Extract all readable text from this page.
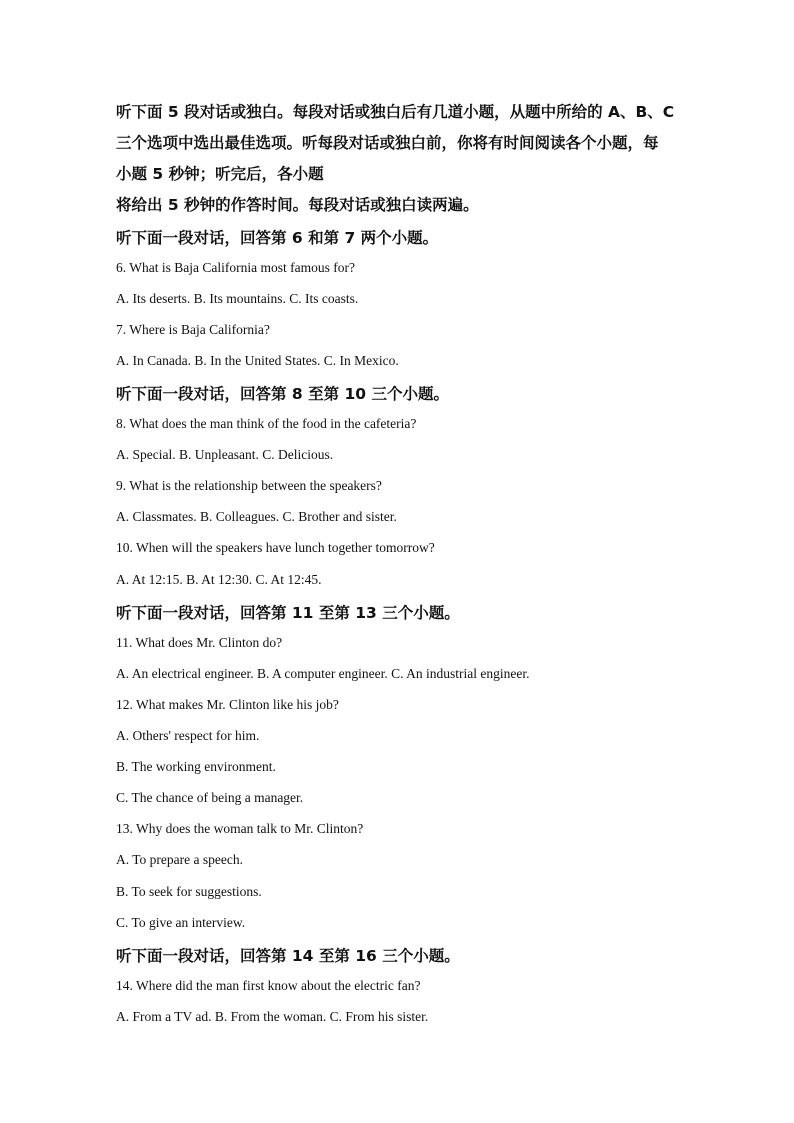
听下面 5 段对话或独白。每段对话或独白后有几道小题，从题中所给的 A、B、C
三个选项中选出最佳选项。听每段对话或独白前，你将有时间阅读各个小题，每
小题 5 秒钟；听完后，各小题
将给出 5 秒钟的作答时间。每段对话或独白读两遍。
听下面一段对话，回答第 6 和第 7 两个小题。
6. What is Baja California most famous for?
A. Its deserts. B. Its mountains. C. Its coasts.
7. Where is Baja California?
A. In Canada. B. In the United States. C. In Mexico.
听下面一段对话，回答第 8 至第 10 三个小题。
8. What does the man think of the food in the cafeteria?
A. Special. B. Unpleasant. C. Delicious.
9. What is the relationship between the speakers?
A. Classmates. B. Colleagues. C. Brother and sister.
10. When will the speakers have lunch together tomorrow?
A. At 12:15. B. At 12:30. C. At 12:45.
听下面一段对话，回答第 11 至第 13 三个小题。
11. What does Mr. Clinton do?
A. An electrical engineer. B. A computer engineer. C. An industrial engineer.
12. What makes Mr. Clinton like his job?
A. Others' respect for him.
B. The working environment.
C. The chance of being a manager.
13. Why does the woman talk to Mr. Clinton?
A. To prepare a speech.
B. To seek for suggestions.
C. To give an interview.
听下面一段对话，回答第 14 至第 16 三个小题。
14. Where did the man first know about the electric fan?
A. From a TV ad. B. From the woman. C. From his sister.
